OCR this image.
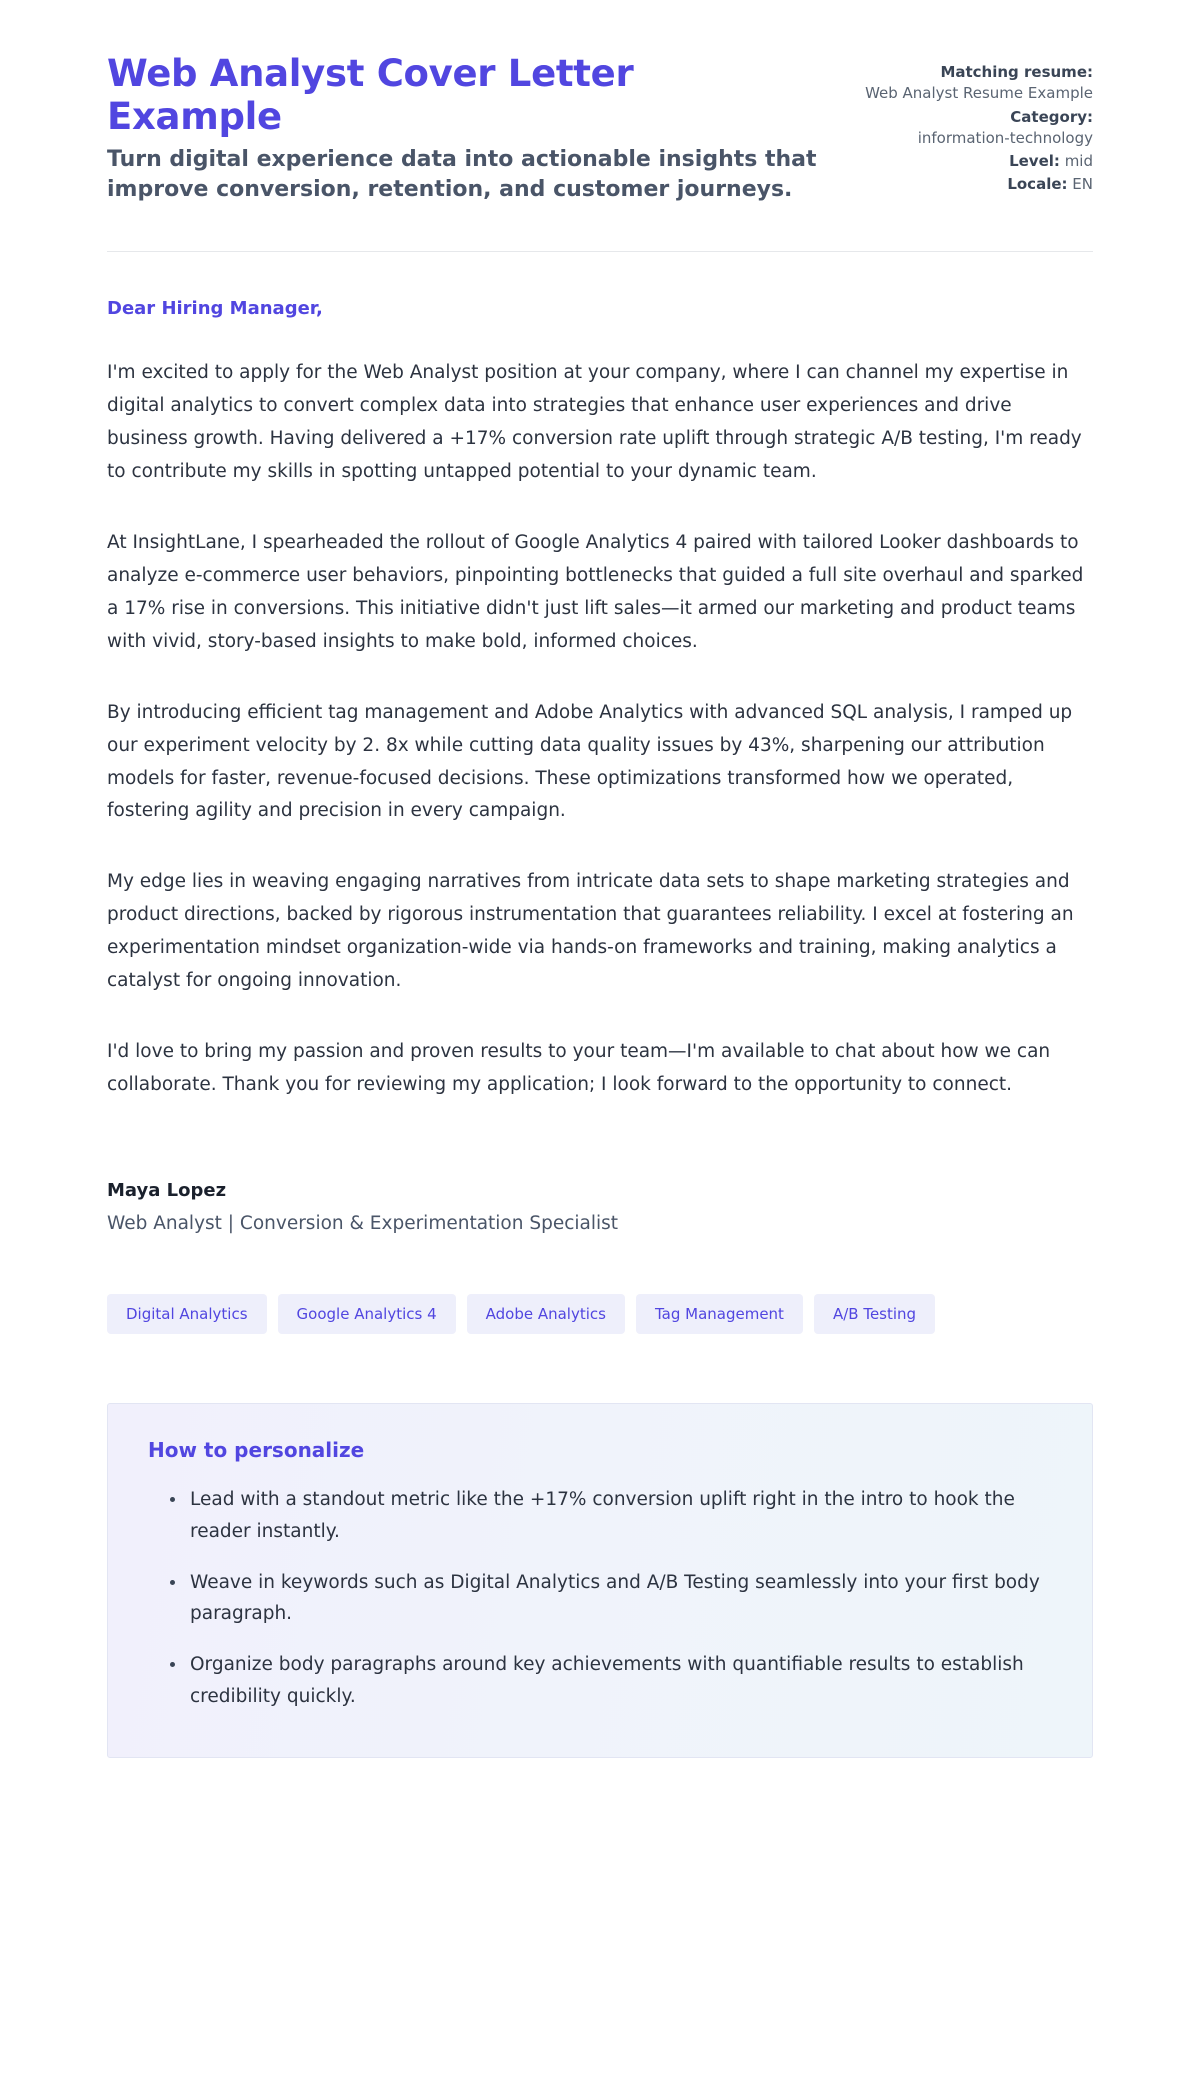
Web Analyst Cover Letter Example

Turn digital experience data into actionable insights that improve conversion, retention, and customer journeys.

Matching resume:
Web Analyst Resume Example
Category:
information-technology
Level: mid
Locale: EN

Dear Hiring Manager,

I'm excited to apply for the Web Analyst position at your company, where I can channel my expertise in digital analytics to convert complex data into strategies that enhance user experiences and drive business growth. Having delivered a +17% conversion rate uplift through strategic A/B testing, I'm ready to contribute my skills in spotting untapped potential to your dynamic team.

At InsightLane, I spearheaded the rollout of Google Analytics 4 paired with tailored Looker dashboards to analyze e-commerce user behaviors, pinpointing bottlenecks that guided a full site overhaul and sparked a 17% rise in conversions. This initiative didn't just lift sales—it armed our marketing and product teams with vivid, story-based insights to make bold, informed choices.

By introducing efficient tag management and Adobe Analytics with advanced SQL analysis, I ramped up our experiment velocity by 2. 8x while cutting data quality issues by 43%, sharpening our attribution models for faster, revenue-focused decisions. These optimizations transformed how we operated, fostering agility and precision in every campaign.

My edge lies in weaving engaging narratives from intricate data sets to shape marketing strategies and product directions, backed by rigorous instrumentation that guarantees reliability. I excel at fostering an experimentation mindset organization-wide via hands-on frameworks and training, making analytics a catalyst for ongoing innovation.

I'd love to bring my passion and proven results to your team—I'm available to chat about how we can collaborate. Thank you for reviewing my application; I look forward to the opportunity to connect.

Maya Lopez

Web Analyst | Conversion & Experimentation Specialist

Digital Analytics	Google Analytics 4	Adobe Analytics	Tag Management	A/B Testing
How to personalize
Lead with a standout metric like the +17% conversion uplift right in the intro to hook the reader instantly.
Weave in keywords such as Digital Analytics and A/B Testing seamlessly into your first body paragraph.
Organize body paragraphs around key achievements with quantifiable results to establish credibility quickly.
